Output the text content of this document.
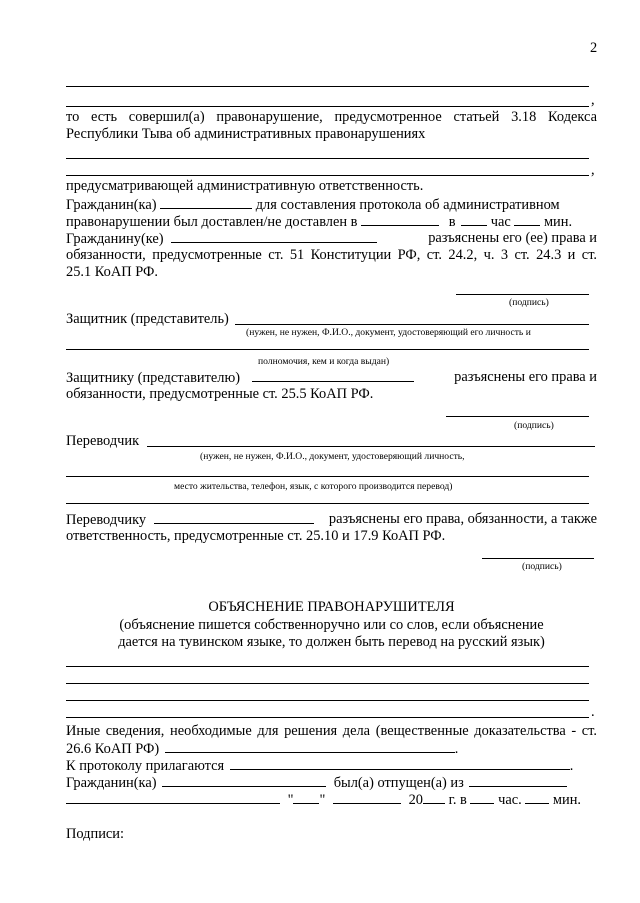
2
,
то есть совершил(а) правонарушение, предусмотренное статьей 3.18 Кодекса
Республики Тыва об административных правонарушениях
,
предусматривающей административную ответственность.
Гражданин(ка)	для составления протокола об административном
правонарушении был доставлен/не доставлен в	в час мин.
Гражданину(ке)	разъяснены его (ее) права и
обязанности, предусмотренные ст. 51 Конституции РФ, ст. 24.2, ч. 3 ст. 24.3 и ст.
25.1 КоАП РФ.
(подпись)
Защитник (представитель)
(нужен, не нужен, Ф.И.О., документ, удостоверяющий его личность и
полномочия, кем и когда выдан)
Защитнику (представителю)	разъяснены его права и
обязанности, предусмотренные ст. 25.5 КоАП РФ.
(подпись)
Переводчик
(нужен, не нужен, Ф.И.О., документ, удостоверяющий личность,
место жительства, телефон, язык, с которого производится перевод)
Переводчику	разъяснены его права, обязанности, а также
ответственность, предусмотренные ст. 25.10 и 17.9 КоАП РФ.
(подпись)
ОБЪЯСНЕНИЕ ПРАВОНАРУШИТЕЛЯ
(объяснение пишется собственноручно или со слов, если объяснение
дается на тувинском языке, то должен быть перевод на русский язык)
.
Иные сведения, необходимые для решения дела (вещественные доказательства - ст.
26.6 КоАП РФ)	.
К протоколу прилагаются	.
Гражданин(ка)	был(а) отпущен(а) из
" "	20 г. в час. мин.
Подписи:
